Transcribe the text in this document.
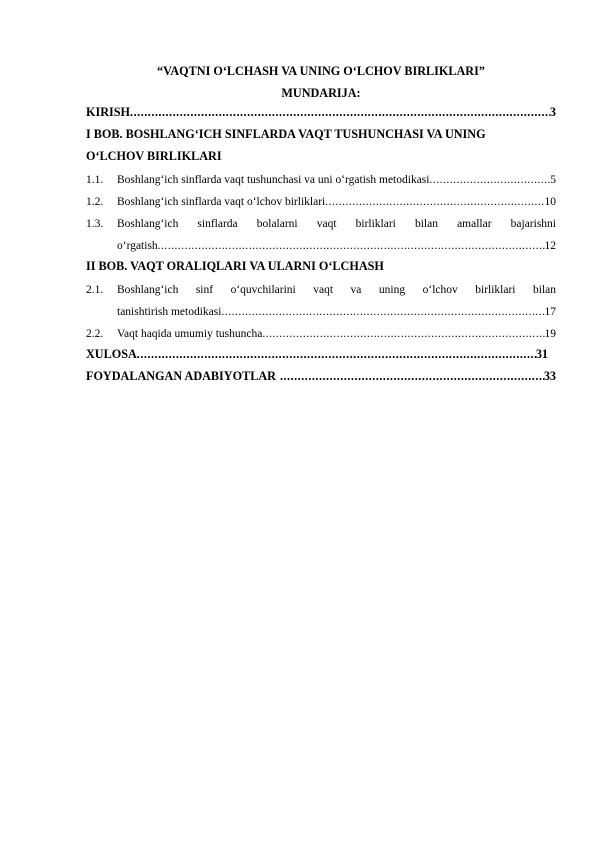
“VAQTNI O‘LCHASH VA UNING O‘LCHOV BIRLIKLARI”
MUNDARIJA:
KIRISH .....	3
I BOB. BOSHLANG‘ICH SINFLARDA VAQT TUSHUNCHASI VA UNING
O‘LCHOV BIRLIKLARI
1.1.	Boshlang‘ich sinflarda vaqt tushunchasi va uni o‘rgatish metodikasi .....	5
1.2.	Boshlang‘ich sinflarda vaqt o‘lchov birliklari .....	10
1.3.	Boshlang‘ich sinflarda bolalarni vaqt birliklari bilan amallar bajarishni
o‘rgatish .....	12
II BOB. VAQT ORALIQLARI VA ULARNI O‘LCHASH
2.1.	Boshlang‘ich sinf o‘quvchilarini vaqt va uning o‘lchov birliklari bilan
tanishtirish metodikasi .....	17
2.2.	Vaqt haqida umumiy tushuncha .....	19
XULOSA .....	31
FOYDALANGAN ADABIYOTLAR .....	33
